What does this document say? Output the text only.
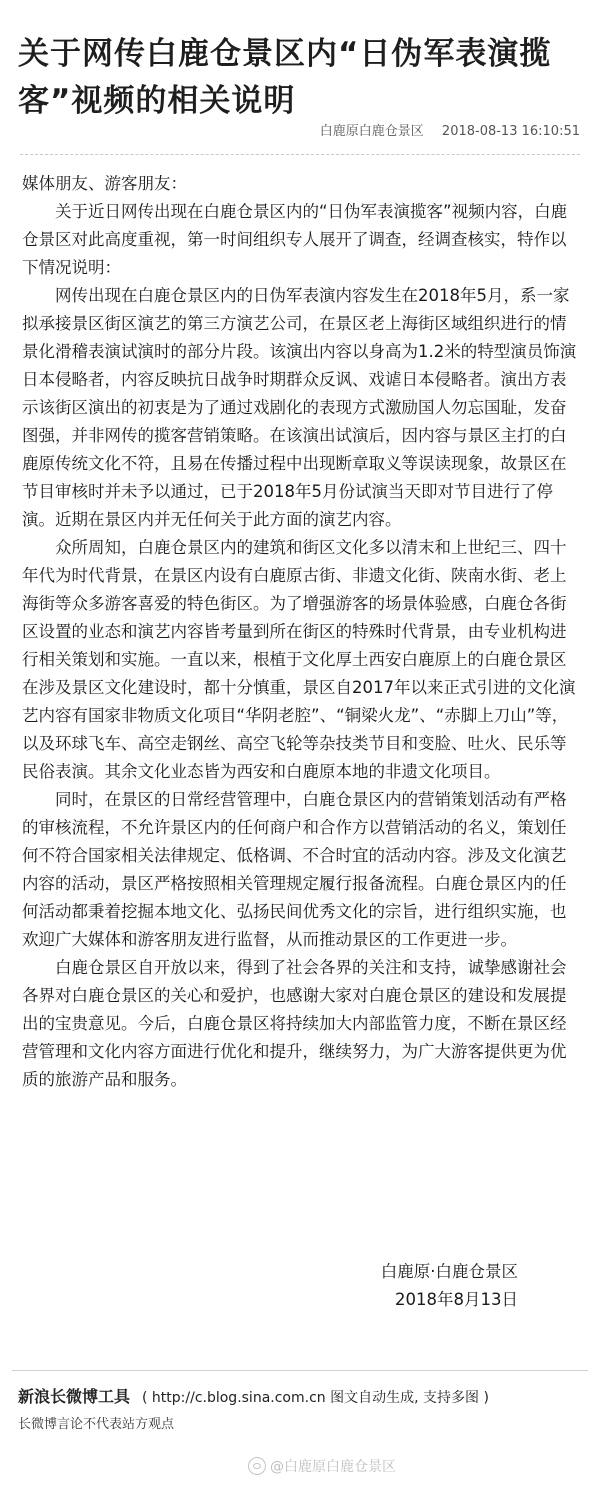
关于网传白鹿仓景区内“日伪军表演揽客”视频的相关说明
白鹿原白鹿仓景区 2018-08-13 16:10:51

媒体朋友、游客朋友：

关于近日网传出现在白鹿仓景区内的“日伪军表演揽客”视频内容，白鹿仓景区对此高度重视，第一时间组织专人展开了调查，经调查核实，特作以下情况说明：

网传出现在白鹿仓景区内的日伪军表演内容发生在2018年5月，系一家拟承接景区街区演艺的第三方演艺公司，在景区老上海街区域组织进行的情景化滑稽表演试演时的部分片段。该演出内容以身高为1.2米的特型演员饰演日本侵略者，内容反映抗日战争时期群众反讽、戏谑日本侵略者。演出方表示该街区演出的初衷是为了通过戏剧化的表现方式激励国人勿忘国耻，发奋图强，并非网传的揽客营销策略。在该演出试演后，因内容与景区主打的白鹿原传统文化不符，且易在传播过程中出现断章取义等误读现象，故景区在节目审核时并未予以通过，已于2018年5月份试演当天即对节目进行了停演。近期在景区内并无任何关于此方面的演艺内容。

众所周知，白鹿仓景区内的建筑和街区文化多以清末和上世纪三、四十年代为时代背景，在景区内设有白鹿原古街、非遗文化街、陕南水街、老上海街等众多游客喜爱的特色街区。为了增强游客的场景体验感，白鹿仓各街区设置的业态和演艺内容皆考量到所在街区的特殊时代背景，由专业机构进行相关策划和实施。一直以来，根植于文化厚土西安白鹿原上的白鹿仓景区在涉及景区文化建设时，都十分慎重，景区自2017年以来正式引进的文化演艺内容有国家非物质文化项目“华阴老腔”、“铜梁火龙”、“赤脚上刀山”等，以及环球飞车、高空走钢丝、高空飞轮等杂技类节目和变脸、吐火、民乐等民俗表演。其余文化业态皆为西安和白鹿原本地的非遗文化项目。

同时，在景区的日常经营管理中，白鹿仓景区内的营销策划活动有严格的审核流程，不允许景区内的任何商户和合作方以营销活动的名义，策划任何不符合国家相关法律规定、低格调、不合时宜的活动内容。涉及文化演艺内容的活动，景区严格按照相关管理规定履行报备流程。白鹿仓景区内的任何活动都秉着挖掘本地文化、弘扬民间优秀文化的宗旨，进行组织实施，也欢迎广大媒体和游客朋友进行监督，从而推动景区的工作更进一步。

白鹿仓景区自开放以来，得到了社会各界的关注和支持，诚挚感谢社会各界对白鹿仓景区的关心和爱护，也感谢大家对白鹿仓景区的建设和发展提出的宝贵意见。今后，白鹿仓景区将持续加大内部监管力度，不断在景区经营管理和文化内容方面进行优化和提升，继续努力，为广大游客提供更为优质的旅游产品和服务。

白鹿原·白鹿仓景区
2018年8月13日
新浪长微博工具 ( http://c.blog.sina.com.cn 图文自动生成, 支持多图 )
长微博言论不代表站方观点
@白鹿原白鹿仓景区
